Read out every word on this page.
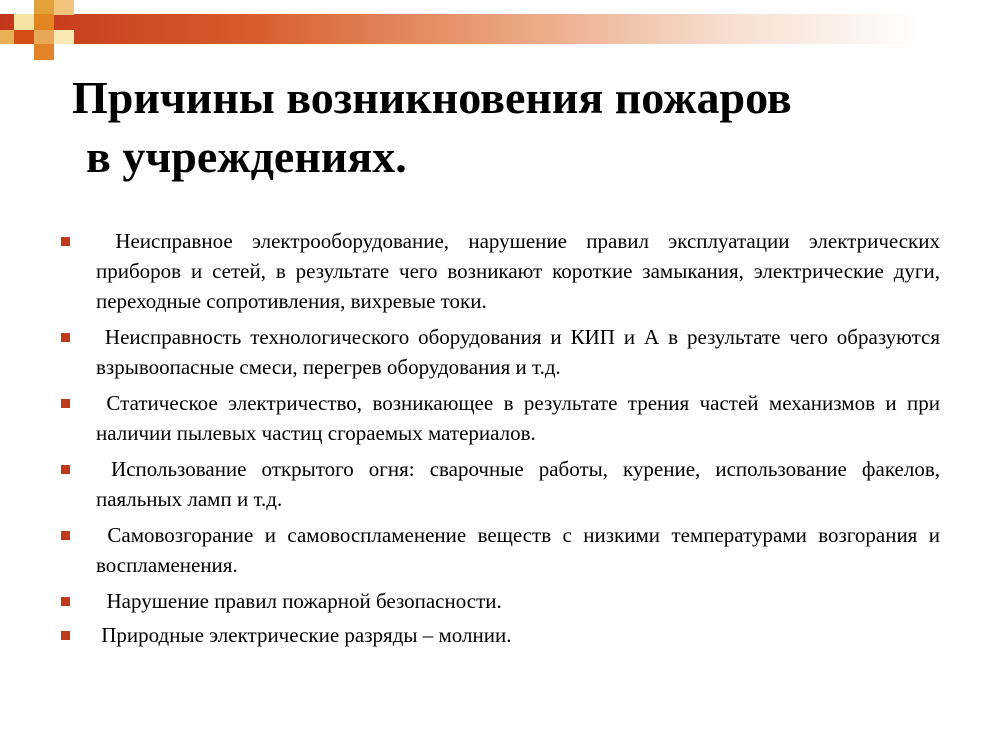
Причины возникновения пожаров
в учреждениях.
Неисправное электрооборудование, нарушение правил эксплуатации электрических приборов и сетей, в результате чего возникают короткие замыкания, электрические дуги, переходные сопротивления, вихревые токи.
Неисправность технологического оборудования и КИП и А в результате чего образуются взрывоопасные смеси, перегрев оборудования и т.д.
Статическое электричество, возникающее в результате трения частей механизмов и при наличии пылевых частиц сгораемых материалов.
Использование открытого огня: сварочные работы, курение, использование факелов, паяльных ламп и т.д.
Самовозгорание и самовоспламенение веществ с низкими температурами возгорания и воспламенения.
Нарушение правил пожарной безопасности.
Природные электрические разряды – молнии.
